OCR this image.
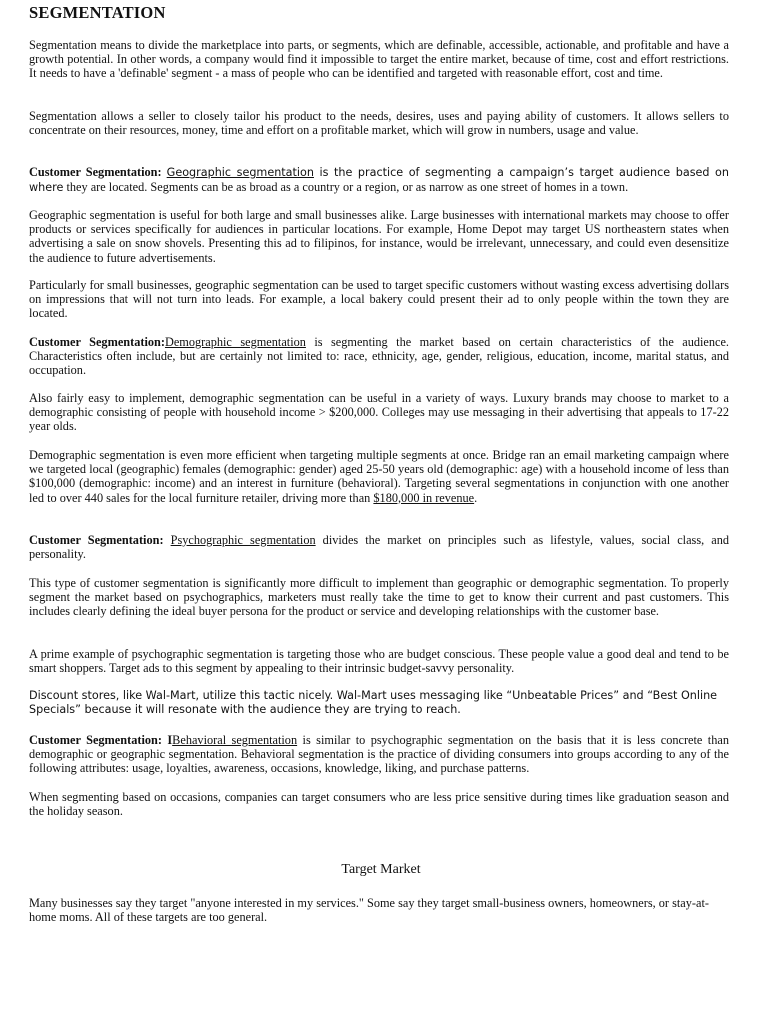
SEGMENTATION

Segmentation means to divide the marketplace into parts, or segments, which are definable, accessible, actionable, and profitable and have a growth potential. In other words, a company would find it impossible to target the entire market, because of time, cost and effort restrictions. It needs to have a 'definable' segment - a mass of people who can be identified and targeted with reasonable effort, cost and time.

Segmentation allows a seller to closely tailor his product to the needs, desires, uses and paying ability of customers. It allows sellers to concentrate on their resources, money, time and effort on a profitable market, which will grow in numbers, usage and value.

Customer Segmentation: Geographic segmentation is the practice of segmenting a campaign’s target audience based on where they are located. Segments can be as broad as a country or a region, or as narrow as one street of homes in a town.

Geographic segmentation is useful for both large and small businesses alike. Large businesses with international markets may choose to offer products or services specifically for audiences in particular locations. For example, Home Depot may target US northeastern states when advertising a sale on snow shovels. Presenting this ad to filipinos, for instance, would be irrelevant, unnecessary, and could even desensitize the audience to future advertisements.

Particularly for small businesses, geographic segmentation can be used to target specific customers without wasting excess advertising dollars on impressions that will not turn into leads. For example, a local bakery could present their ad to only people within the town they are located.

Customer Segmentation:Demographic segmentation is segmenting the market based on certain characteristics of the audience. Characteristics often include, but are certainly not limited to: race, ethnicity, age, gender, religious, education, income, marital status, and occupation.

Also fairly easy to implement, demographic segmentation can be useful in a variety of ways. Luxury brands may choose to market to a demographic consisting of people with household income > $200,000. Colleges may use messaging in their advertising that appeals to 17-22 year olds.

Demographic segmentation is even more efficient when targeting multiple segments at once. Bridge ran an email marketing campaign where we targeted local (geographic) females (demographic: gender) aged 25-50 years old (demographic: age) with a household income of less than $100,000 (demographic: income) and an interest in furniture (behavioral). Targeting several segmentations in conjunction with one another led to over 440 sales for the local furniture retailer, driving more than $180,000 in revenue.

Customer Segmentation: Psychographic segmentation divides the market on principles such as lifestyle, values, social class, and personality.

This type of customer segmentation is significantly more difficult to implement than geographic or demographic segmentation. To properly segment the market based on psychographics, marketers must really take the time to get to know their current and past customers. This includes clearly defining the ideal buyer persona for the product or service and developing relationships with the customer base.

A prime example of psychographic segmentation is targeting those who are budget conscious. These people value a good deal and tend to be smart shoppers. Target ads to this segment by appealing to their intrinsic budget-savvy personality.

Discount stores, like Wal-Mart, utilize this tactic nicely. Wal-Mart uses messaging like “Unbeatable Prices” and “Best Online
Specials” because it will resonate with the audience they are trying to reach.

Customer Segmentation: IBehavioral segmentation is similar to psychographic segmentation on the basis that it is less concrete than demographic or geographic segmentation. Behavioral segmentation is the practice of dividing consumers into groups according to any of the following attributes: usage, loyalties, awareness, occasions, knowledge, liking, and purchase patterns.

When segmenting based on occasions, companies can target consumers who are less price sensitive during times like graduation season and the holiday season.

Target Market

Many businesses say they target "anyone interested in my services." Some say they target small-business owners, homeowners, or stay-at-home moms. All of these targets are too general.
